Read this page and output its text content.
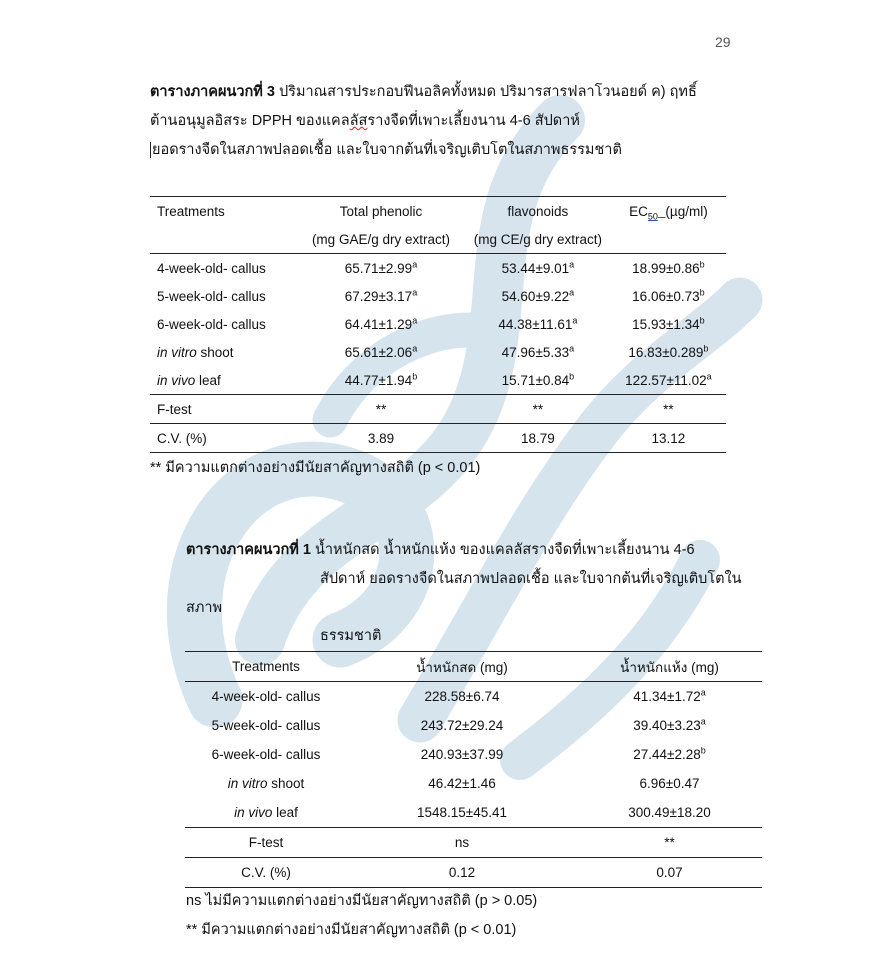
29
ตารางภาคผนวกที่ 3 ปริมาณสารประกอบฟีนอลิคทั้งหมด ปริมารสารฟลาโวนอยด์ ค) ฤทธิ์
ต้านอนุมูลอิสระ DPPH ของแคลลัสรางจืดที่เพาะเลี้ยงนาน 4-6 สัปดาห์
ยอดรางจืดในสภาพปลอดเชื้อ และใบจากต้นที่เจริญเติบโตในสภาพธรรมชาติ
Treatments	Total phenolic	flavonoids	$EC_{50}$ (µg/ml)
	(mg GAE/g dry extract)	(mg CE/g dry extract)	
4-week-old- callus	65.71±2.99$^a$	53.44±9.01$^a$	18.99±0.86$^b$
5-week-old- callus	67.29±3.17$^a$	54.60±9.22$^a$	16.06±0.73$^b$
6-week-old- callus	64.41±1.29$^a$	44.38±11.61$^a$	15.93±1.34$^b$
in vitro shoot	65.61±2.06$^a$	47.96±5.33$^a$	16.83±0.289$^b$
in vivo leaf	44.77±1.94$^b$	15.71±0.84$^b$	122.57±11.02$^a$
F-test	**	**	**
C.V. (%)	3.89	18.79	13.12
** มีความแตกต่างอย่างมีนัยสาคัญทางสถิติ (p < 0.01)
ตารางภาคผนวกที่ 1 น้ำหนักสด น้ำหนักแห้ง ของแคลลัสรางจืดที่เพาะเลี้ยงนาน 4-6
สัปดาห์ ยอดรางจืดในสภาพปลอดเชื้อ และใบจากต้นที่เจริญเติบโตใน
สภาพ
ธรรมชาติ
Treatments	น้ำหนักสด (mg)	น้ำหนักแห้ง (mg)
4-week-old- callus	228.58±6.74	41.34±1.72$^a$
5-week-old- callus	243.72±29.24	39.40±3.23$^a$
6-week-old- callus	240.93±37.99	27.44±2.28$^b$
in vitro shoot	46.42±1.46	6.96±0.47
in vivo leaf	1548.15±45.41	300.49±18.20
F-test	ns	**
C.V. (%)	0.12	0.07
ns ไม่มีความแตกต่างอย่างมีนัยสาคัญทางสถิติ (p > 0.05)
** มีความแตกต่างอย่างมีนัยสาคัญทางสถิติ (p < 0.01)
